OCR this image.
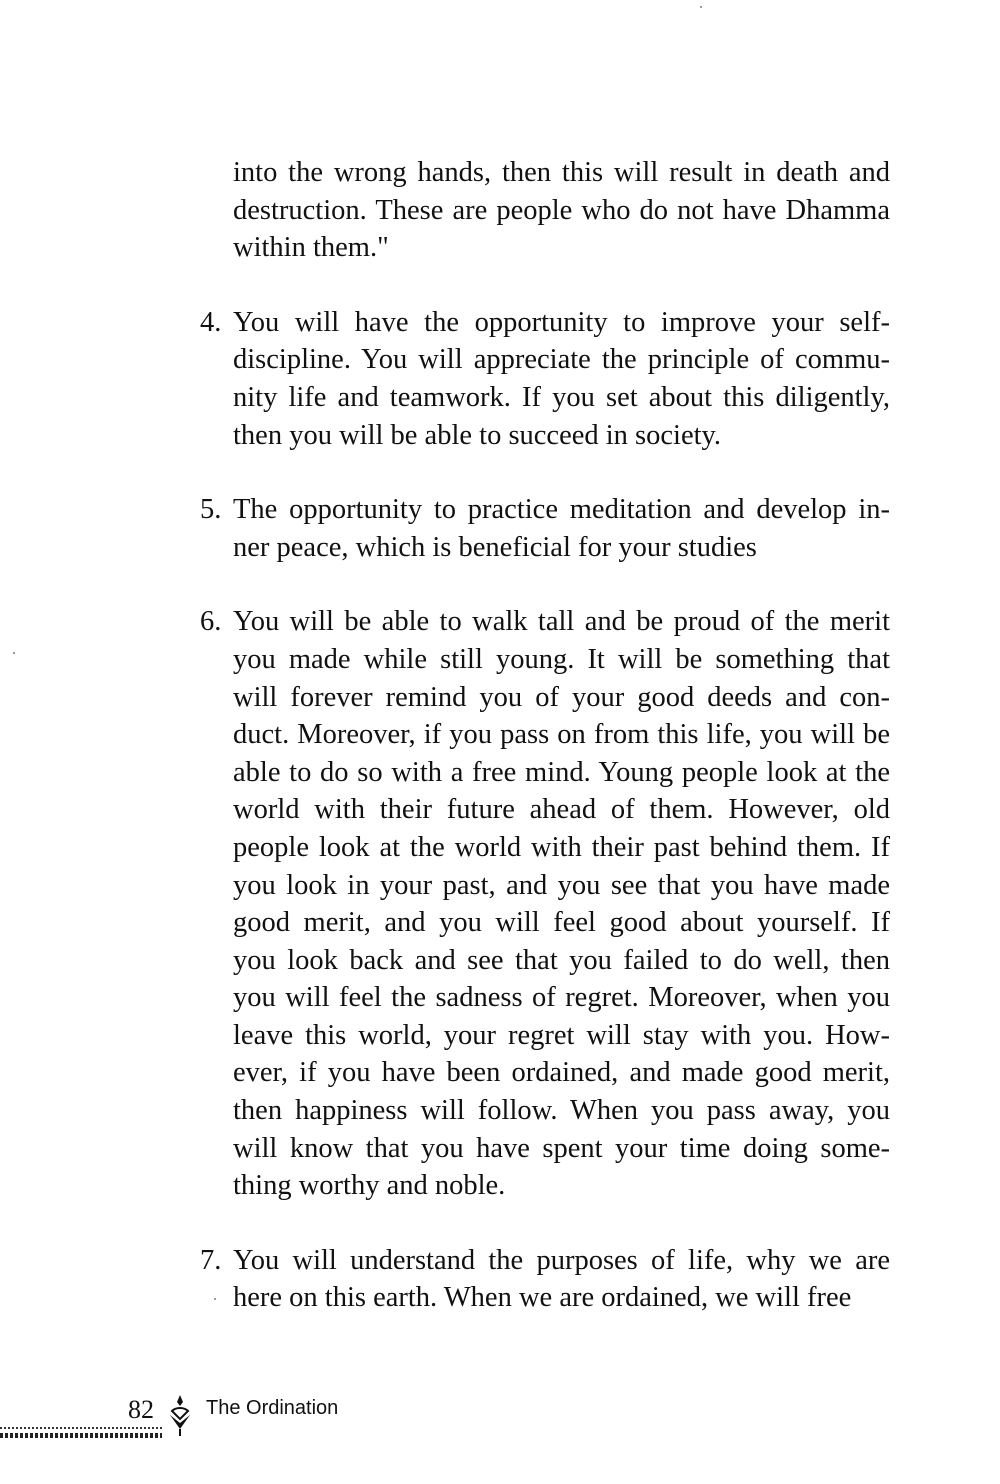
into the wrong hands, then this will result in death and
destruction. These are people who do not have Dhamma
within them."
4. You will have the opportunity to improve your self-
discipline. You will appreciate the principle of commu-
nity life and teamwork. If you set about this diligently,
then you will be able to succeed in society.
5. The opportunity to practice meditation and develop in-
ner peace, which is beneficial for your studies
6. You will be able to walk tall and be proud of the merit
you made while still young. It will be something that
will forever remind you of your good deeds and con-
duct. Moreover, if you pass on from this life, you will be
able to do so with a free mind. Young people look at the
world with their future ahead of them. However, old
people look at the world with their past behind them. If
you look in your past, and you see that you have made
good merit, and you will feel good about yourself. If
you look back and see that you failed to do well, then
you will feel the sadness of regret. Moreover, when you
leave this world, your regret will stay with you. How-
ever, if you have been ordained, and made good merit,
then happiness will follow. When you pass away, you
will know that you have spent your time doing some-
thing worthy and noble.
7. You will understand the purposes of life, why we are
here on this earth. When we are ordained, we will free
82	The Ordination
